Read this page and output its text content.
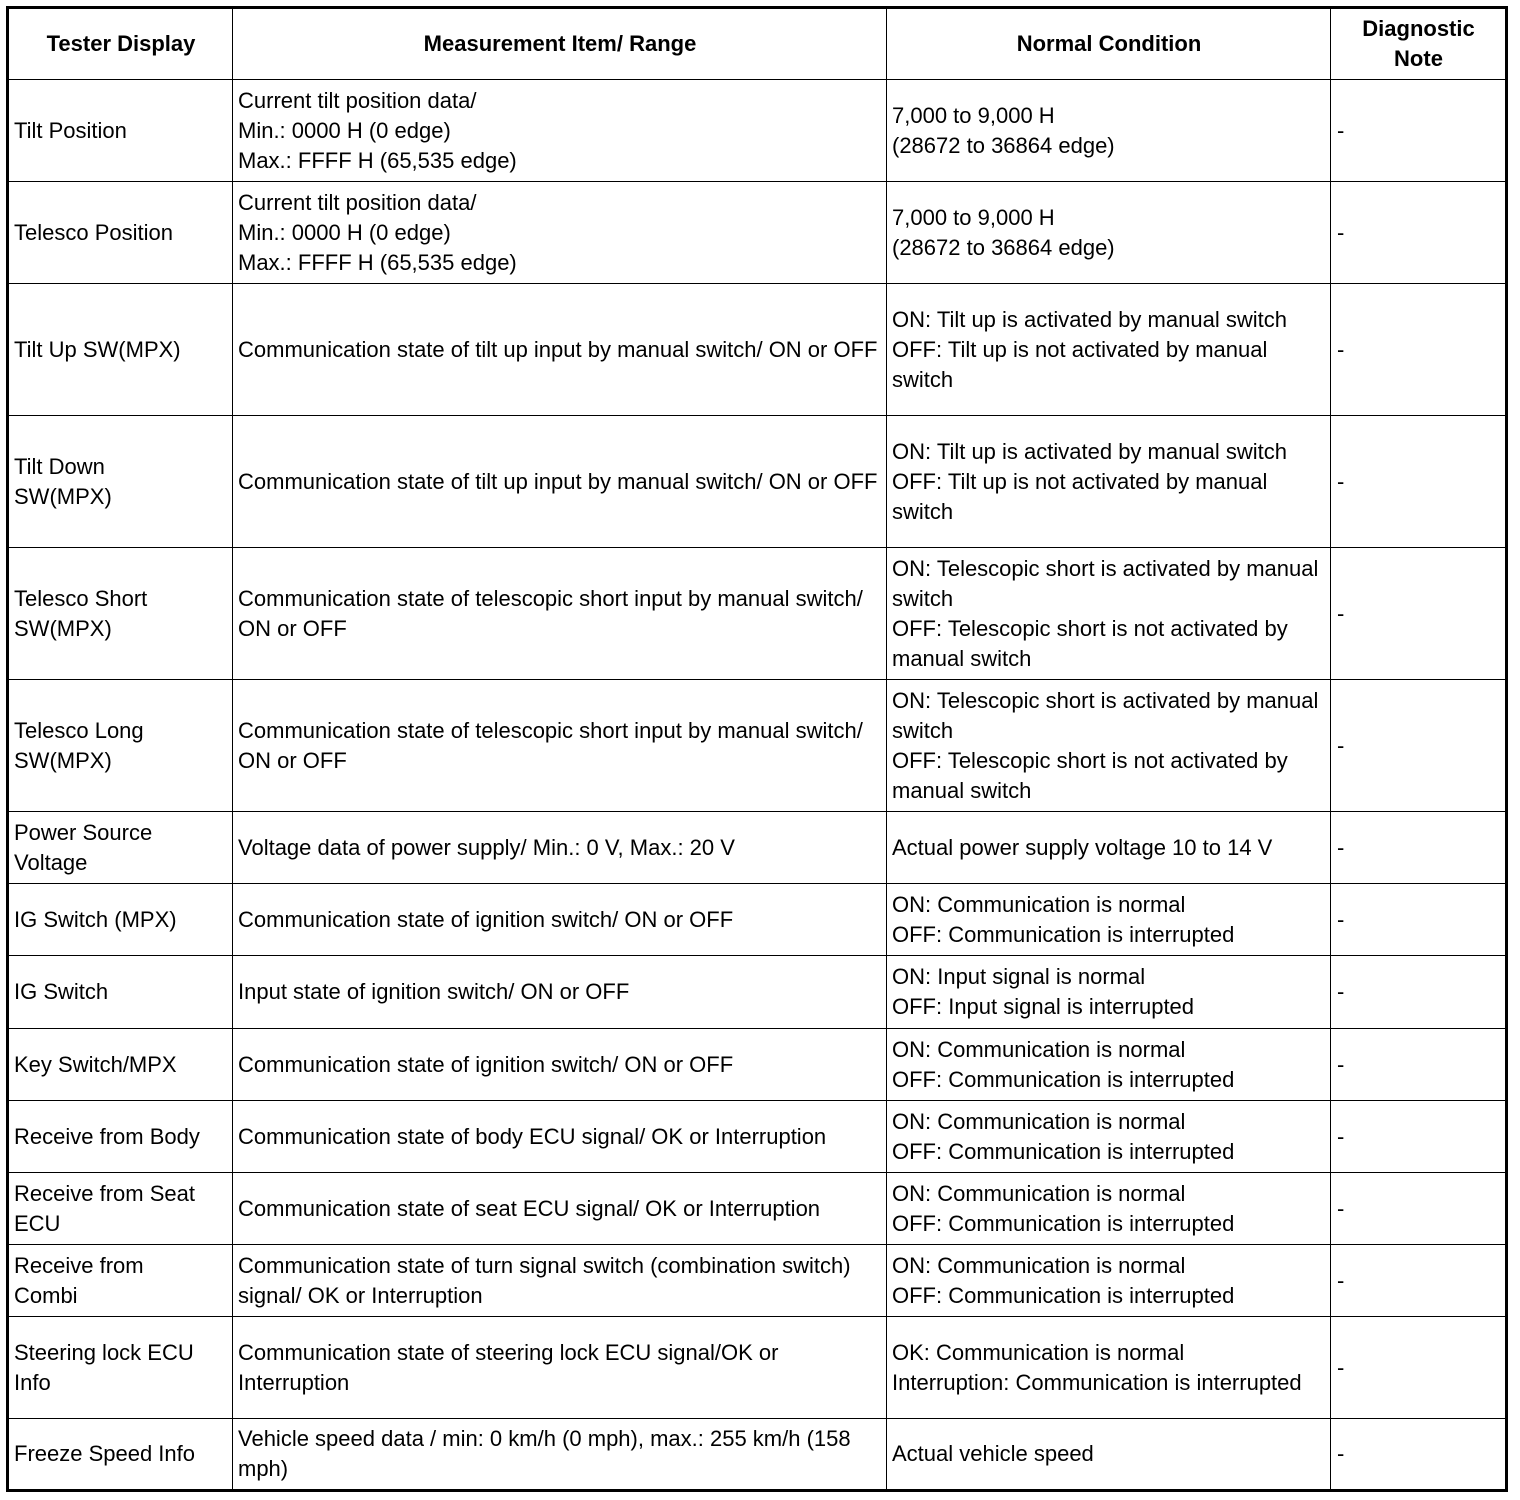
Tester Display	Measurement Item/ Range	Normal Condition	Diagnostic
Note
Tilt Position	Current tilt position data/
Min.: 0000 H (0 edge)
Max.: FFFF H (65,535 edge)	7,000 to 9,000 H
(28672 to 36864 edge)	-
Telesco Position	Current tilt position data/
Min.: 0000 H (0 edge)
Max.: FFFF H (65,535 edge)	7,000 to 9,000 H
(28672 to 36864 edge)	-
Tilt Up SW(MPX)	Communication state of tilt up input by manual switch/ ON or OFF	ON: Tilt up is activated by manual switch
OFF: Tilt up is not activated by manual switch	-
Tilt Down
SW(MPX)	Communication state of tilt up input by manual switch/ ON or OFF	ON: Tilt up is activated by manual switch
OFF: Tilt up is not activated by manual switch	-
Telesco Short
SW(MPX)	Communication state of telescopic short input by manual switch/ ON or OFF	ON: Telescopic short is activated by manual switch
OFF: Telescopic short is not activated by manual switch	-
Telesco Long
SW(MPX)	Communication state of telescopic short input by manual switch/ ON or OFF	ON: Telescopic short is activated by manual switch
OFF: Telescopic short is not activated by manual switch	-
Power Source
Voltage	Voltage data of power supply/ Min.: 0 V, Max.: 20 V	Actual power supply voltage 10 to 14 V	-
IG Switch (MPX)	Communication state of ignition switch/ ON or OFF	ON: Communication is normal
OFF: Communication is interrupted	-
IG Switch	Input state of ignition switch/ ON or OFF	ON: Input signal is normal
OFF: Input signal is interrupted	-
Key Switch/MPX	Communication state of ignition switch/ ON or OFF	ON: Communication is normal
OFF: Communication is interrupted	-
Receive from Body	Communication state of body ECU signal/ OK or Interruption	ON: Communication is normal
OFF: Communication is interrupted	-
Receive from Seat
ECU	Communication state of seat ECU signal/ OK or Interruption	ON: Communication is normal
OFF: Communication is interrupted	-
Receive from
Combi	Communication state of turn signal switch (combination switch) signal/ OK or Interruption	ON: Communication is normal
OFF: Communication is interrupted	-
Steering lock ECU
Info	Communication state of steering lock ECU signal/OK or Interruption	OK: Communication is normal
Interruption: Communication is interrupted	-
Freeze Speed Info	Vehicle speed data / min: 0 km/h (0 mph), max.: 255 km/h (158 mph)	Actual vehicle speed	-
